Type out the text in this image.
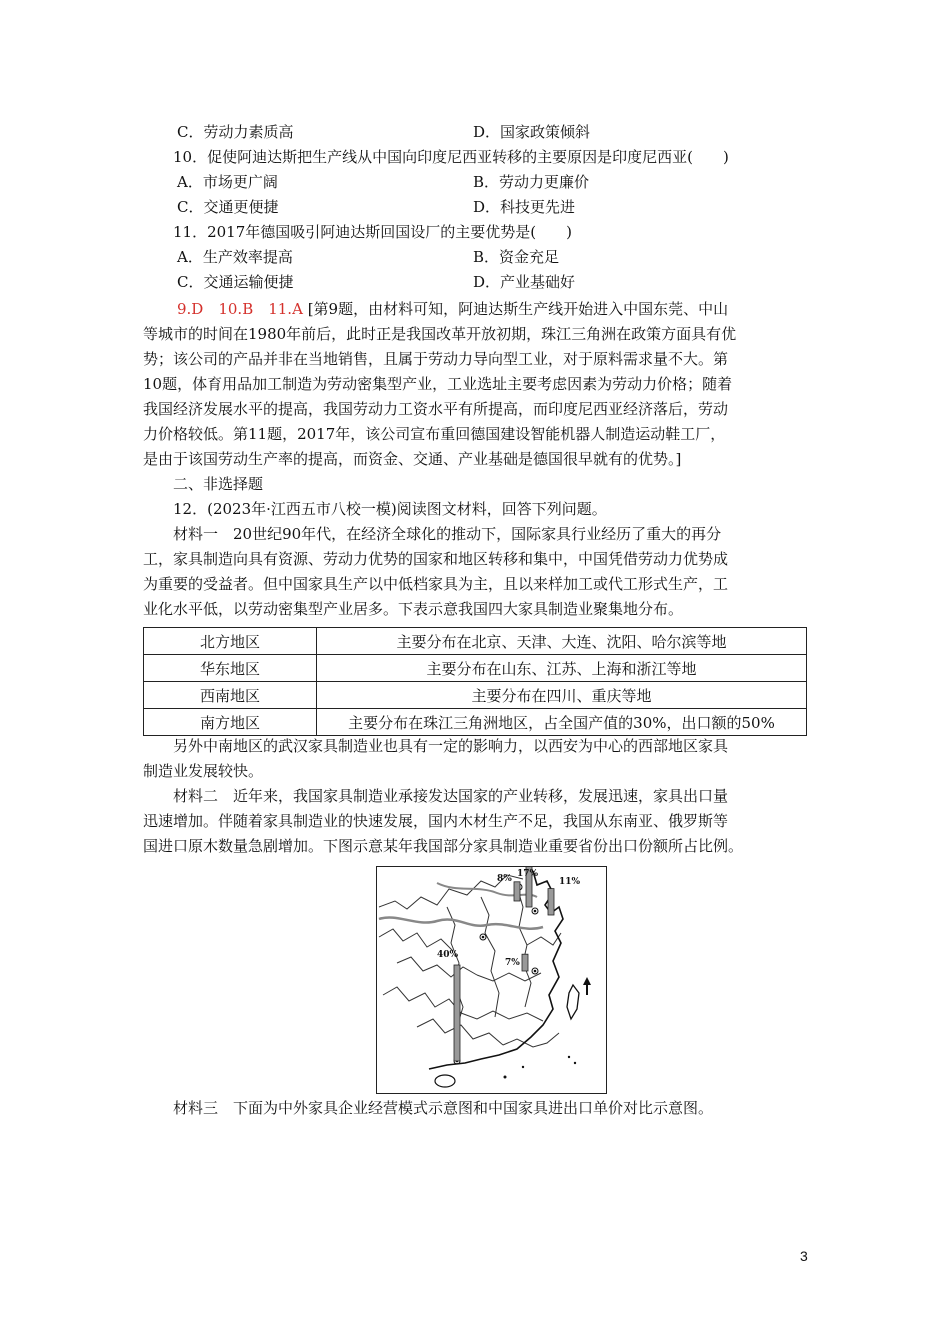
C．劳动力素质高	D．国家政策倾斜
10．促使阿迪达斯把生产线从中国向印度尼西亚转移的主要原因是印度尼西亚(　　)
A．市场更广阔	B．劳动力更廉价
C．交通更便捷	D．科技更先进
11．2017年德国吸引阿迪达斯回国设厂的主要优势是(　　)
A．生产效率提高	B．资金充足
C．交通运输便捷	D．产业基础好
9.D　10.B　11.A [第9题，由材料可知，阿迪达斯生产线开始进入中国东莞、中山
等城市的时间在1980年前后，此时正是我国改革开放初期，珠江三角洲在政策方面具有优
势；该公司的产品并非在当地销售，且属于劳动力导向型工业，对于原料需求量不大。第
10题，体育用品加工制造为劳动密集型产业，工业选址主要考虑因素为劳动力价格；随着
我国经济发展水平的提高，我国劳动力工资水平有所提高，而印度尼西亚经济落后，劳动
力价格较低。第11题，2017年，该公司宣布重回德国建设智能机器人制造运动鞋工厂，
是由于该国劳动生产率的提高，而资金、交通、产业基础是德国很早就有的优势。]
二、非选择题
12．(2023年·江西五市八校一模)阅读图文材料，回答下列问题。
材料一　20世纪90年代，在经济全球化的推动下，国际家具行业经历了重大的再分
工，家具制造向具有资源、劳动力优势的国家和地区转移和集中，中国凭借劳动力优势成
为重要的受益者。但中国家具生产以中低档家具为主，且以来样加工或代工形式生产，工
业化水平低，以劳动密集型产业居多。下表示意我国四大家具制造业聚集地分布。
北方地区	主要分布在北京、天津、大连、沈阳、哈尔滨等地
华东地区	主要分布在山东、江苏、上海和浙江等地
西南地区	主要分布在四川、重庆等地
南方地区	主要分布在珠江三角洲地区，占全国产值的30%，出口额的50%
另外中南地区的武汉家具制造业也具有一定的影响力，以西安为中心的西部地区家具
制造业发展较快。
材料二　近年来，我国家具制造业承接发达国家的产业转移，发展迅速，家具出口量
迅速增加。伴随着家具制造业的快速发展，国内木材生产不足，我国从东南亚、俄罗斯等
国进口原木数量急剧增加。下图示意某年我国部分家具制造业重要省份出口份额所占比例。
8% 17%
11%
40%
7%
材料三　下面为中外家具企业经营模式示意图和中国家具进出口单价对比示意图。
3
